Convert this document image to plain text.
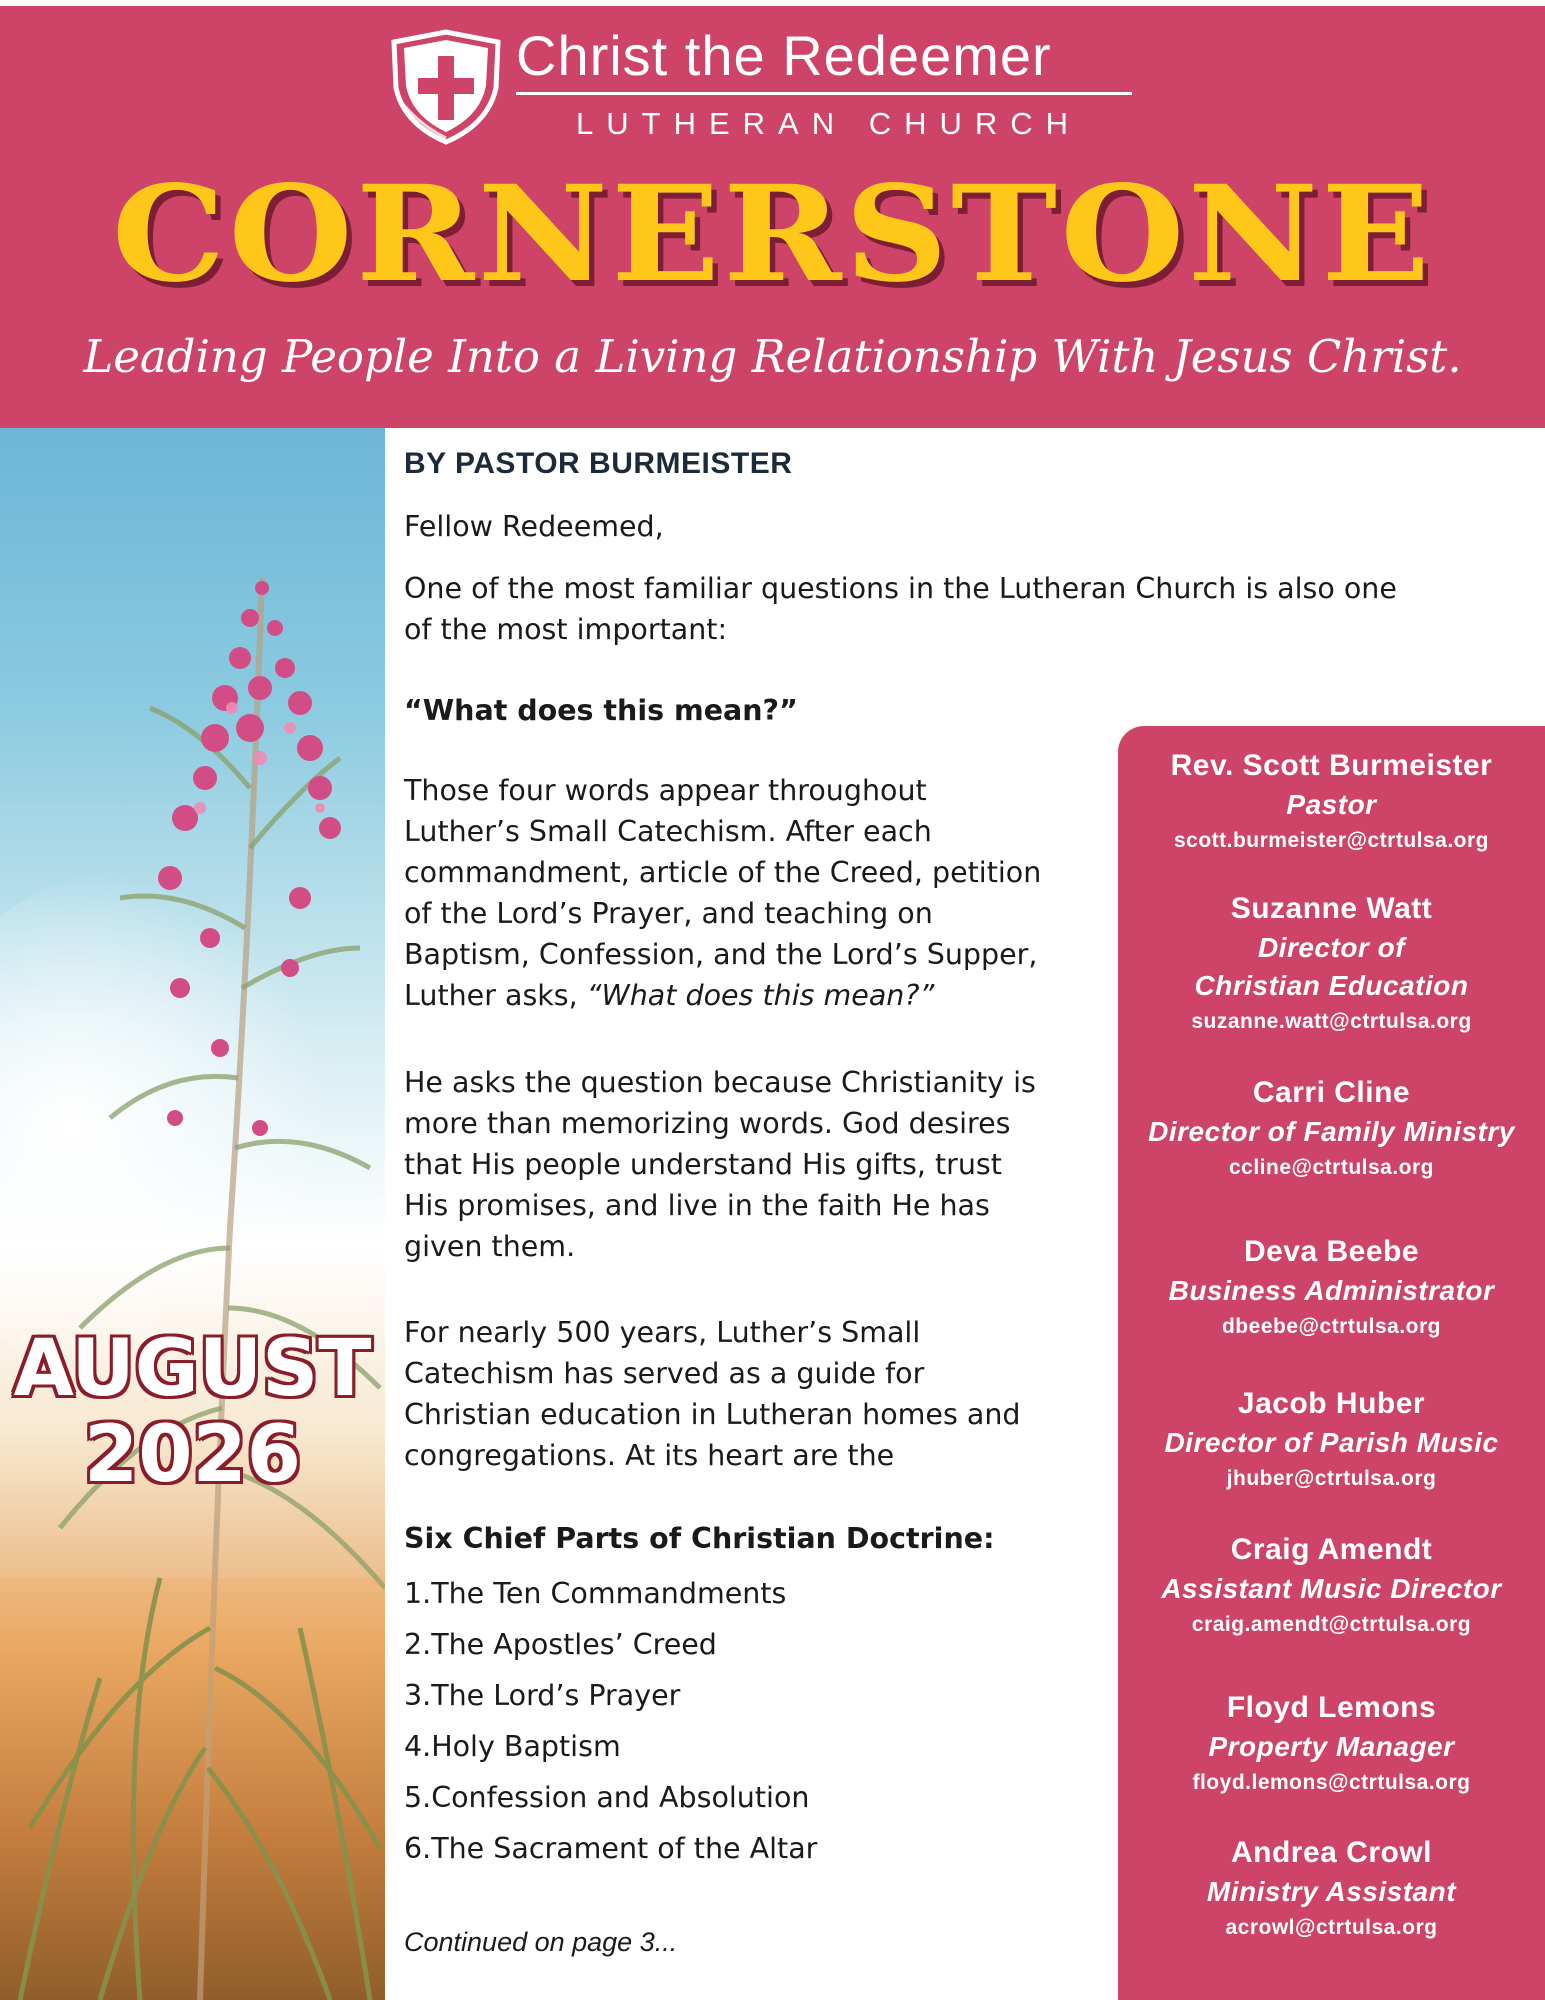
Christ the Redeemer
LUTHERAN CHURCH
CORNERSTONE
Leading People Into a Living Relationship With Jesus Christ.
AUGUST
2026
BY PASTOR BURMEISTER

Fellow Redeemed,

One of the most familiar questions in the Lutheran Church is also one
of the most important:

“What does this mean?”

Those four words appear throughout
Luther’s Small Catechism. After each
commandment, article of the Creed, petition
of the Lord’s Prayer, and teaching on
Baptism, Confession, and the Lord’s Supper,
Luther asks, “What does this mean?”

He asks the question because Christianity is
more than memorizing words. God desires
that His people understand His gifts, trust
His promises, and live in the faith He has
given them.

For nearly 500 years, Luther’s Small
Catechism has served as a guide for
Christian education in Lutheran homes and
congregations. At its heart are the

Six Chief Parts of Christian Doctrine:

1.The Ten Commandments
2.The Apostles’ Creed
3.The Lord’s Prayer
4.Holy Baptism
5.Confession and Absolution
6.The Sacrament of the Altar
Continued on page 3...
Rev. Scott Burmeister
Pastor
scott.burmeister@ctrtulsa.org
Suzanne Watt
Director of
Christian Education
suzanne.watt@ctrtulsa.org
Carri Cline
Director of Family Ministry
ccline@ctrtulsa.org
Deva Beebe
Business Administrator
dbeebe@ctrtulsa.org
Jacob Huber
Director of Parish Music
jhuber@ctrtulsa.org
Craig Amendt
Assistant Music Director
craig.amendt@ctrtulsa.org
Floyd Lemons
Property Manager
floyd.lemons@ctrtulsa.org
Andrea Crowl
Ministry Assistant
acrowl@ctrtulsa.org
